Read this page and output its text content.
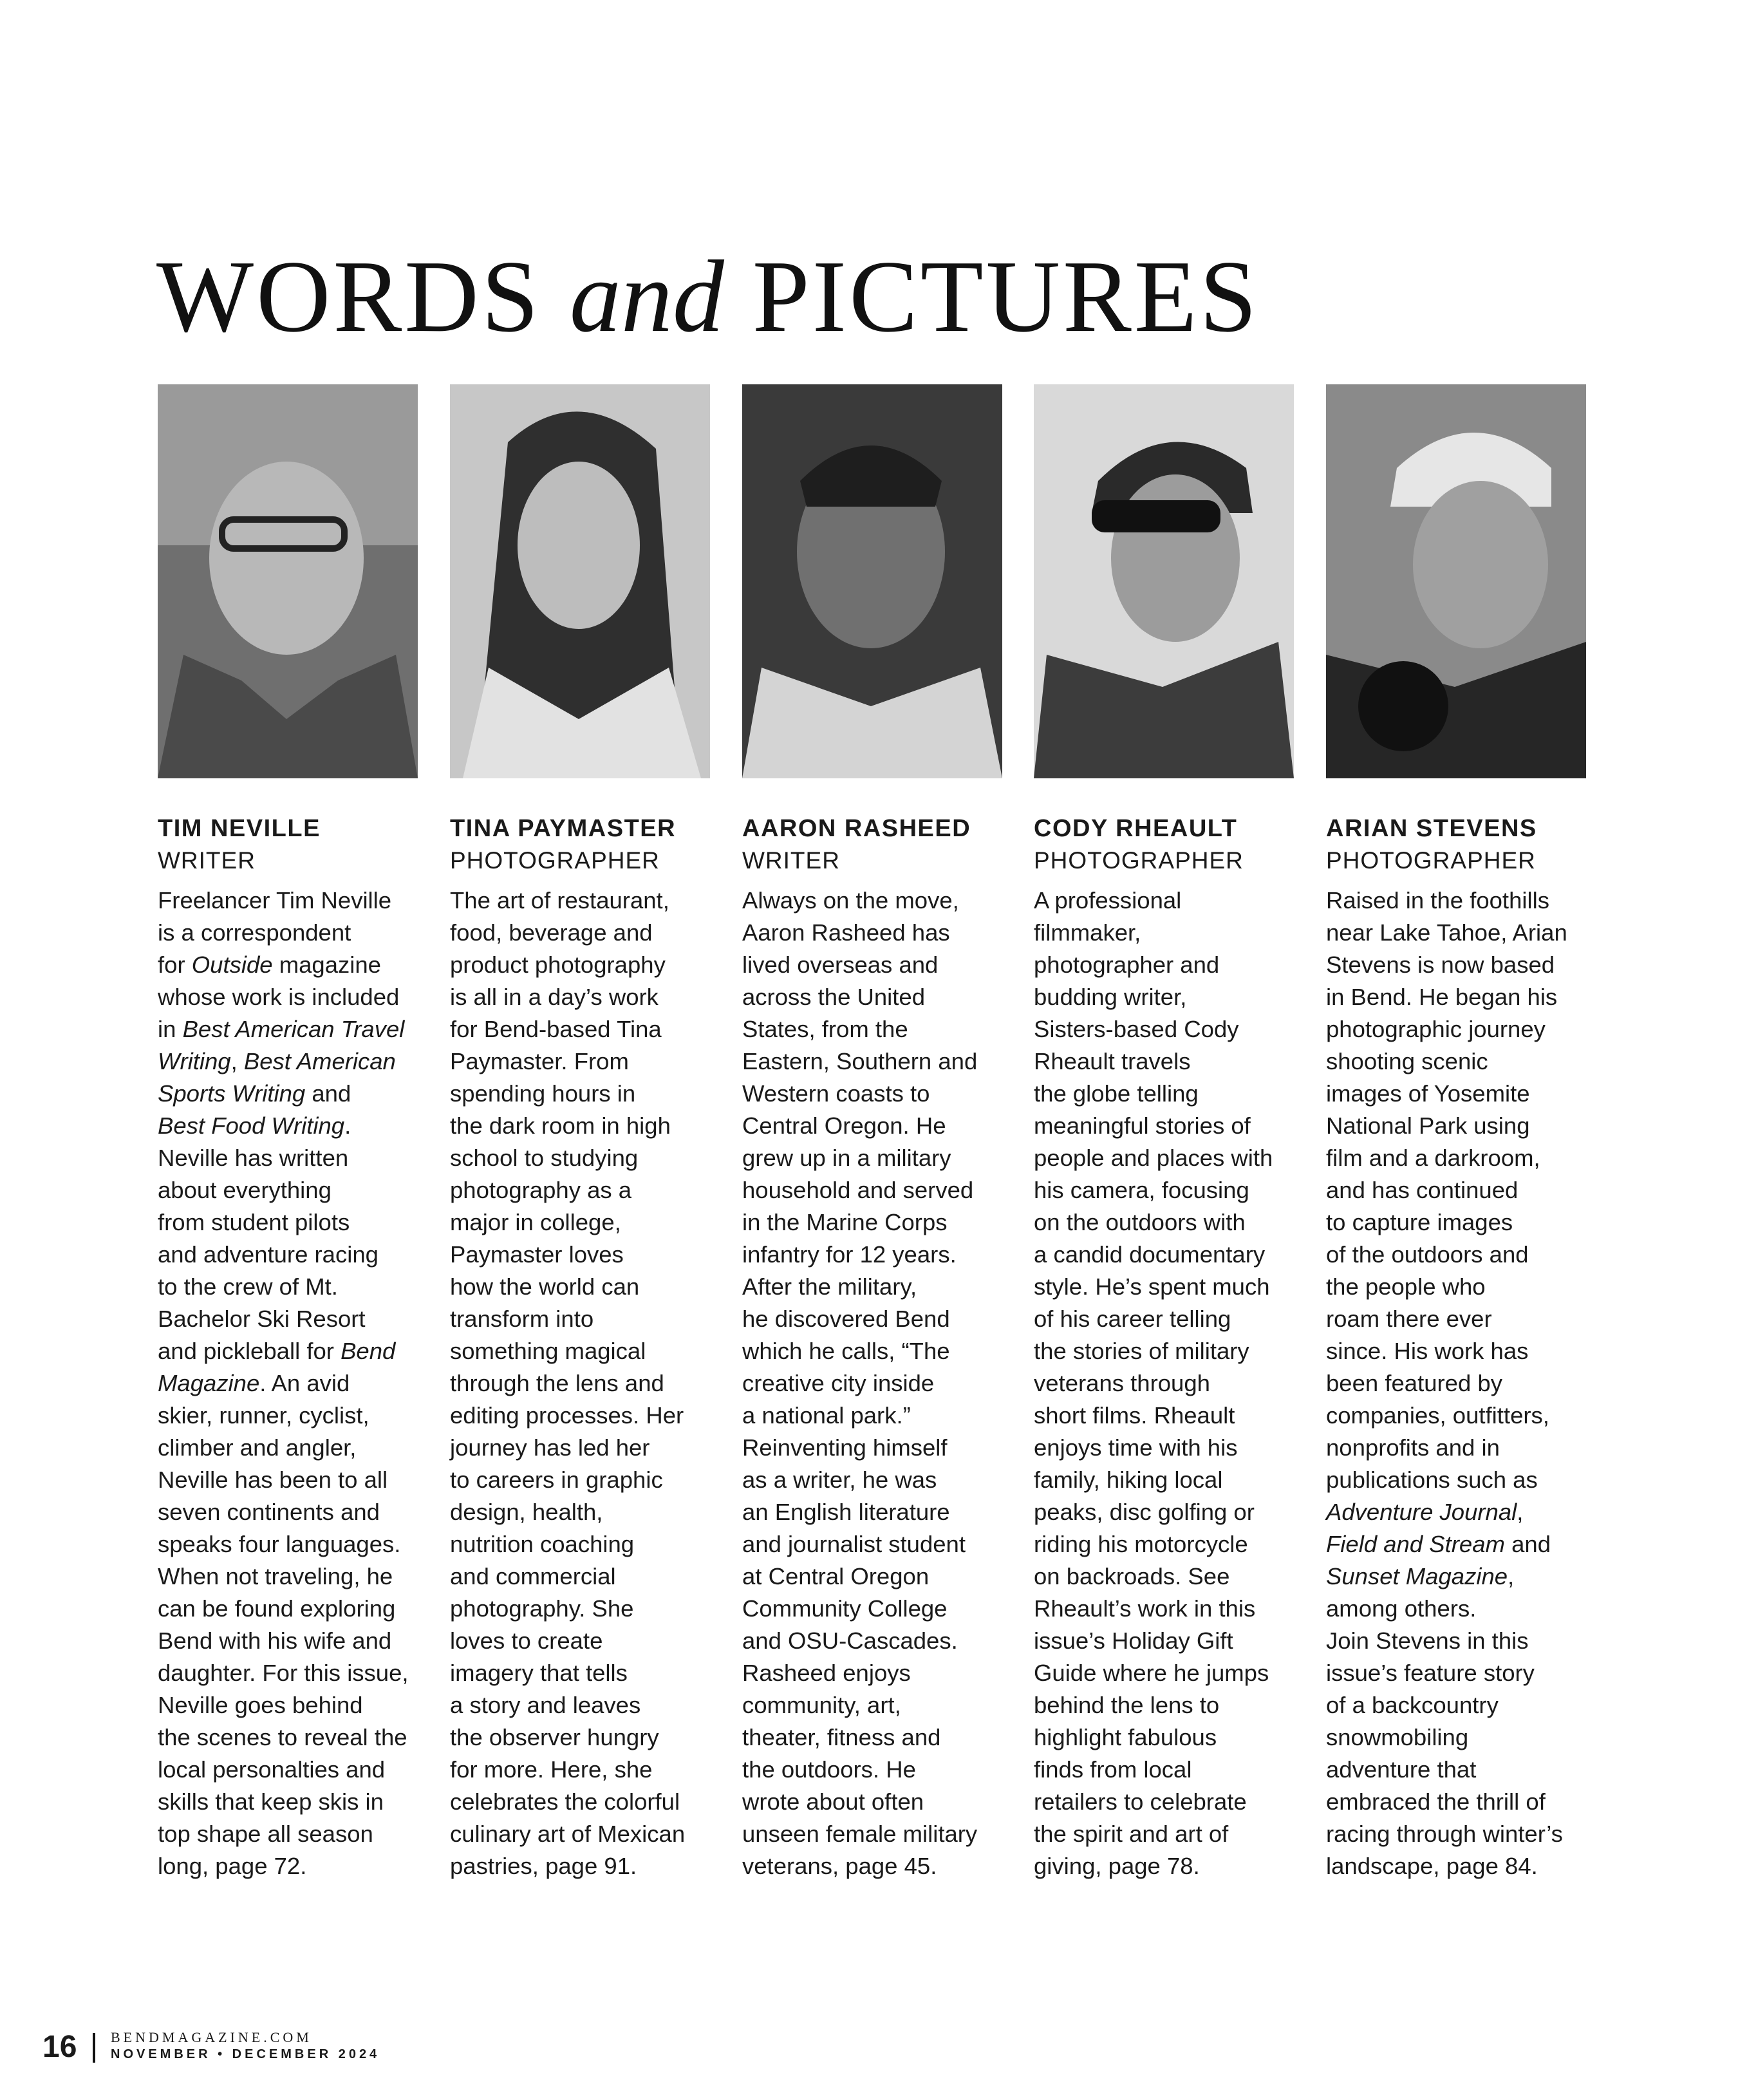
WORDS and PICTURES
TIM NEVILLE
WRITER
Freelancer Tim Neville
is a correspondent
for Outside magazine
whose work is included
in Best American Travel
Writing, Best American
Sports Writing and
Best Food Writing.
Neville has written
about everything
from student pilots
and adventure racing
to the crew of Mt.
Bachelor Ski Resort
and pickleball for Bend
Magazine. An avid
skier, runner, cyclist,
climber and angler,
Neville has been to all
seven continents and
speaks four languages.
When not traveling, he
can be found exploring
Bend with his wife and
daughter. For this issue,
Neville goes behind
the scenes to reveal the
local personalties and
skills that keep skis in
top shape all season
long, page 72.
TINA PAYMASTER
PHOTOGRAPHER
The art of restaurant,
food, beverage and
product photography
is all in a day’s work
for Bend-based Tina
Paymaster. From
spending hours in
the dark room in high
school to studying
photography as a
major in college,
Paymaster loves
how the world can
transform into
something magical
through the lens and
editing processes. Her
journey has led her
to careers in graphic
design, health,
nutrition coaching
and commercial
photography. She
loves to create
imagery that tells
a story and leaves
the observer hungry
for more. Here, she
celebrates the colorful
culinary art of Mexican
pastries, page 91.
AARON RASHEED
WRITER
Always on the move,
Aaron Rasheed has
lived overseas and
across the United
States, from the
Eastern, Southern and
Western coasts to
Central Oregon. He
grew up in a military
household and served
in the Marine Corps
infantry for 12 years.
After the military,
he discovered Bend
which he calls, “The
creative city inside
a national park.”
Reinventing himself
as a writer, he was
an English literature
and journalist student
at Central Oregon
Community College
and OSU-Cascades.
Rasheed enjoys
community, art,
theater, fitness and
the outdoors. He
wrote about often
unseen female military
veterans, page 45.
CODY RHEAULT
PHOTOGRAPHER
A professional
filmmaker,
photographer and
budding writer,
Sisters-based Cody
Rheault travels
the globe telling
meaningful stories of
people and places with
his camera, focusing
on the outdoors with
a candid documentary
style. He’s spent much
of his career telling
the stories of military
veterans through
short films. Rheault
enjoys time with his
family, hiking local
peaks, disc golfing or
riding his motorcycle
on backroads. See
Rheault’s work in this
issue’s Holiday Gift
Guide where he jumps
behind the lens to
highlight fabulous
finds from local
retailers to celebrate
the spirit and art of
giving, page 78.
ARIAN STEVENS
PHOTOGRAPHER
Raised in the foothills
near Lake Tahoe, Arian
Stevens is now based
in Bend. He began his
photographic journey
shooting scenic
images of Yosemite
National Park using
film and a darkroom,
and has continued
to capture images
of the outdoors and
the people who
roam there ever
since. His work has
been featured by
companies, outfitters,
nonprofits and in
publications such as
Adventure Journal,
Field and Stream and
Sunset Magazine,
among others.
Join Stevens in this
issue’s feature story
of a backcountry
snowmobiling
adventure that
embraced the thrill of
racing through winter’s
landscape, page 84.
16 BENDMAGAZINE.COM
NOVEMBER • DECEMBER 2024
